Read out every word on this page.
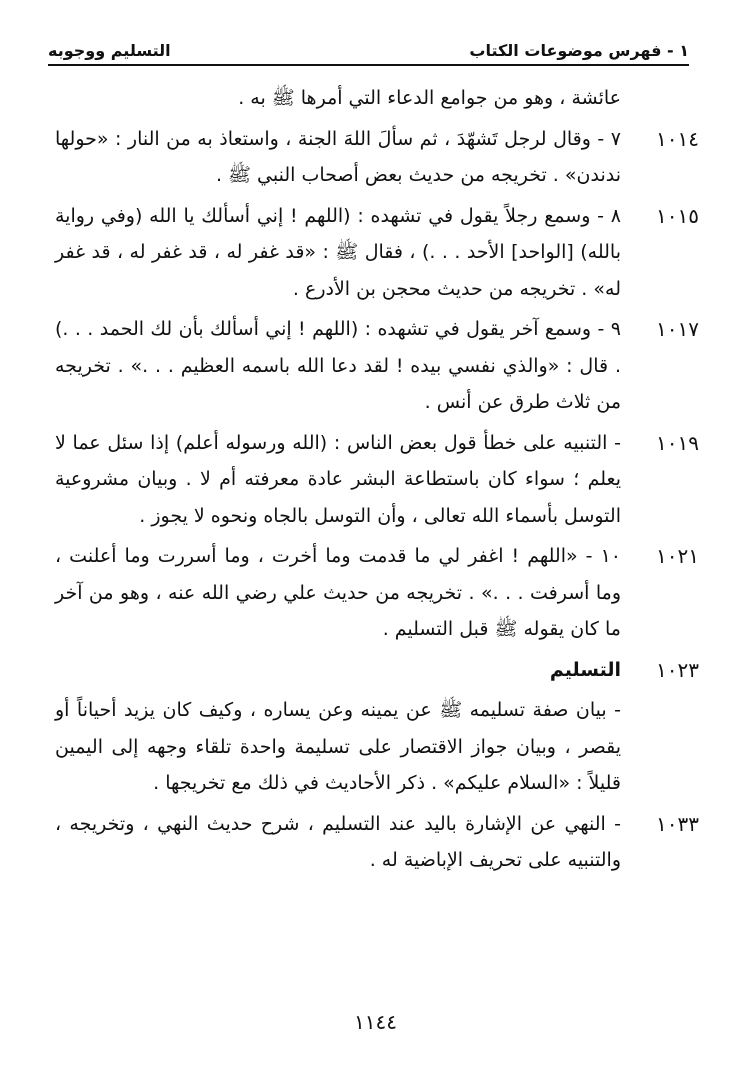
١ - فهرس موضوعات الكتاب
التسليم ووجوبه
عائشة ، وهو من جوامع الدعاء التي أمرها ﷺ به .
١٠١٤
٧ - وقال لرجل تَشهّدَ ، ثم سألَ اللهَ الجنة ، واستعاذ به من النار : «حولها ندندن» . تخريجه من حديث بعض أصحاب النبي ﷺ .
١٠١٥
٨ - وسمع رجلاً يقول في تشهده : (اللهم ! إني أسألك يا الله (وفي رواية بالله) [الواحد] الأحد . . .) ، فقال ﷺ : «قد غفر له ، قد غفر له ، قد غفر له» . تخريجه من حديث محجن بن الأدرع .
١٠١٧
٩ - وسمع آخر يقول في تشهده : (اللهم ! إني أسألك بأن لك الحمد . . .) . قال : «والذي نفسي بيده ! لقد دعا الله باسمه العظيم . . .» . تخريجه من ثلاث طرق عن أنس .
١٠١٩
- التنبيه على خطأ قول بعض الناس : (الله ورسوله أعلم) إذا سئل عما لا يعلم ؛ سواء كان باستطاعة البشر عادة معرفته أم لا . وبيان مشروعية التوسل بأسماء الله تعالى ، وأن التوسل بالجاه ونحوه لا يجوز .
١٠٢١
١٠ - «اللهم ! اغفر لي ما قدمت وما أخرت ، وما أسررت وما أعلنت ، وما أسرفت . . .» . تخريجه من حديث علي رضي الله عنه ، وهو من آخر ما كان يقوله ﷺ قبل التسليم .
١٠٢٣
التسليم
- بيان صفة تسليمه ﷺ عن يمينه وعن يساره ، وكيف كان يزيد أحياناً أو يقصر ، وبيان جواز الاقتصار على تسليمة واحدة تلقاء وجهه إلى اليمين قليلاً : «السلام عليكم» . ذكر الأحاديث في ذلك مع تخريجها .
١٠٣٣
- النهي عن الإشارة باليد عند التسليم ، شرح حديث النهي ، وتخريجه ، والتنبيه على تحريف الإباضية له .
١١٤٤
